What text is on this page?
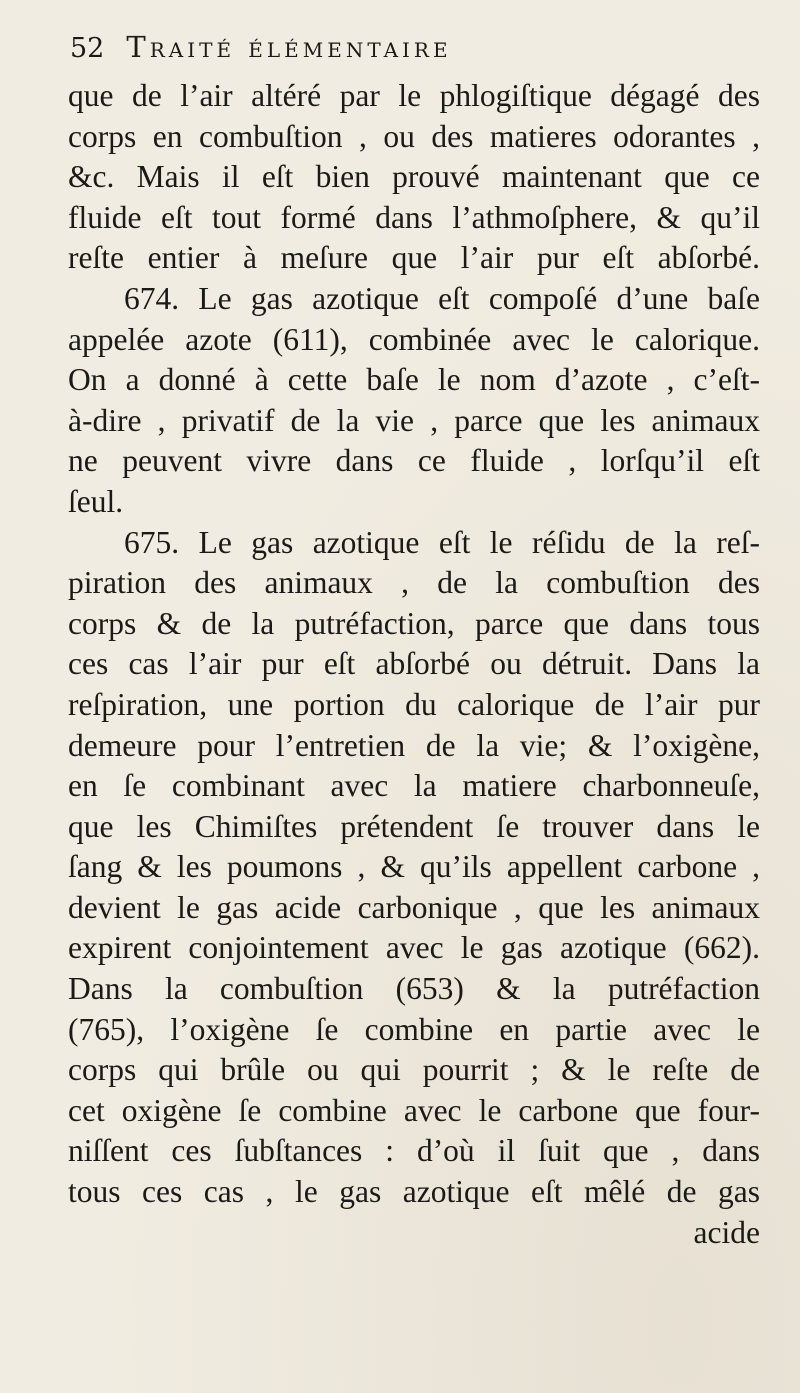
52 Traité élémentaire
que de l’air altéré par le phlogiſtique dégagé des
corps en combuſtion , ou des matieres odorantes ,
&c. Mais il eſt bien prouvé maintenant que ce
fluide eſt tout formé dans l’athmoſphere, & qu’il
reſte entier à meſure que l’air pur eſt abſorbé.
674. Le gas azotique eſt compoſé d’une baſe
appelée azote (611), combinée avec le calorique.
On a donné à cette baſe le nom d’azote , c’eſt-
à-dire , privatif de la vie , parce que les animaux
ne peuvent vivre dans ce fluide , lorſqu’il eſt
ſeul.
675. Le gas azotique eſt le réſidu de la reſ-
piration des animaux , de la combuſtion des
corps & de la putréfaction, parce que dans tous
ces cas l’air pur eſt abſorbé ou détruit. Dans la
reſpiration, une portion du calorique de l’air pur
demeure pour l’entretien de la vie; & l’oxigène,
en ſe combinant avec la matiere charbonneuſe,
que les Chimiſtes prétendent ſe trouver dans le
ſang & les poumons , & qu’ils appellent carbone ,
devient le gas acide carbonique , que les animaux
expirent conjointement avec le gas azotique (662).
Dans la combuſtion (653) & la putréfaction
(765), l’oxigène ſe combine en partie avec le
corps qui brûle ou qui pourrit ; & le reſte de
cet oxigène ſe combine avec le carbone que four-
niſſent ces ſubſtances : d’où il ſuit que , dans
tous ces cas , le gas azotique eſt mêlé de gas
acide
